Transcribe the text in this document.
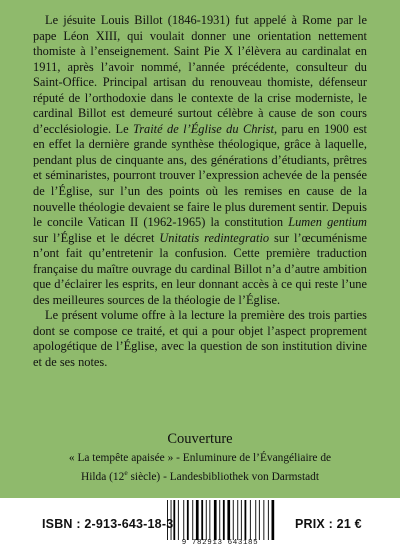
Le jésuite Louis Billot (1846-1931) fut appelé à Rome par le pape Léon XIII, qui voulait donner une orientation nettement thomiste à l’enseignement. Saint Pie X l’élèvera au cardinalat en 1911, après l’avoir nommé, l’année précédente, consulteur du Saint-Office. Principal artisan du renouveau thomiste, défenseur réputé de l’orthodoxie dans le contexte de la crise moderniste, le cardinal Billot est demeuré surtout célèbre à cause de son cours d’ecclésiologie. Le Traité de l’Église du Christ, paru en 1900 est en effet la dernière grande synthèse théologique, grâce à laquelle, pendant plus de cinquante ans, des générations d’étudiants, prêtres et séminaristes, pourront trouver l’expression achevée de la pensée de l’Église, sur l’un des points où les remises en cause de la nouvelle théologie devaient se faire le plus durement sentir. Depuis le concile Vatican II (1962-1965) la constitution Lumen gentium sur l’Église et le décret Unitatis redintegratio sur l’œcuménisme n’ont fait qu’entretenir la confusion. Cette première traduction française du maître ouvrage du cardinal Billot n’a d’autre ambition que d’éclairer les esprits, en leur donnant accès à ce qui reste l’une des meilleures sources de la théologie de l’Église.

Le présent volume offre à la lecture la première des trois parties dont se compose ce traité, et qui a pour objet l’aspect proprement apologétique de l’Église, avec la question de son institution divine et de ses notes.

Couverture
« La tempête apaisée » - Enluminure de l’Évangéliaire de
Hilda (12e siècle) - Landesbibliothek von Darmstadt
ISBN : 2-913-643-18-3
9 782913 643185
PRIX : 21 €
